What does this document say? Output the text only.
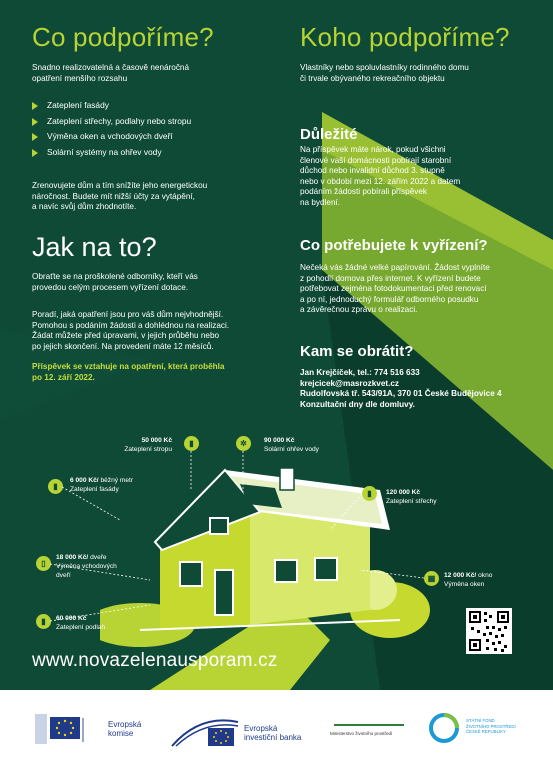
Co podpoříme?
Snadno realizovatelná a časově nenáročná
opatření menšího rozsahu
Zateplení fasády
Zateplení střechy, podlahy nebo stropu
Výměna oken a vchodových dveří
Solární systémy na ohřev vody
Zrenovujete dům a tím snížíte jeho energetickou
náročnost. Budete mít nižší účty za vytápění,
a navíc svůj dům zhodnotíte.
Jak na to?
Obraťte se na proškolené odborníky, kteří vás
provedou celým procesem vyřízení dotace.
Poradí, jaká opatření jsou pro váš dům nejvhodnější.
Pomohou s podáním žádosti a dohlédnou na realizaci.
Žádat můžete před úpravami, v jejich průběhu nebo
po jejich skončení. Na provedení máte 12 měsíců.
Příspěvek se vztahuje na opatření, která proběhla
po 12. září 2022.
Koho podpoříme?
Vlastníky nebo spoluvlastníky rodinného domu
či trvale obývaného rekreačního objektu
Důležité
Na příspěvek máte nárok, pokud všichni
členové vaší domácnosti pobírají starobní
důchod nebo invalidní důchod 3. stupně
nebo v období mezi 12. zářím 2022 a datem
podáním žádosti pobírali příspěvek
na bydlení.
Co potřebujete k vyřízení?
Nečeká vás žádné velké papírování. Žádost vyplníte
z pohodlí domova přes internet. K vyřízení budete
potřebovat zejména fotodokumentaci před renovací
a po ní, jednoduchý formulář odborného posudku
a závěrečnou zprávu o realizaci.
Kam se obrátit?
Jan Krejčíček, tel.: 774 516 633
krejcicek@masrozkvet.cz
Rudolfovská tř. 543/91A, 370 01 České Budějovice 4
Konzultační dny dle domluvy.
▮
50 000 Kč
Zateplení stropu
✲	90 000 Kč
Solární ohřev vody
▮
6 000 Kč/ běžný metr
Zateplení fasády	▮	120 000 Kč
Zateplení střechy
▯
18 000 Kč/ dveře
Výměna vchodových
dveří	▦ 12 000 Kč/ okno
Výměna oken
▮	60 000 Kč
Zateplení podlah
www.novazelenausporam.cz
Evropská
komise
Evropská
investiční banka	Ministerstvo životního prostředí
STÁTNÍ FOND
ŽIVOTNÍHO PROSTŘEDÍ
ČESKÉ REPUBLIKY
